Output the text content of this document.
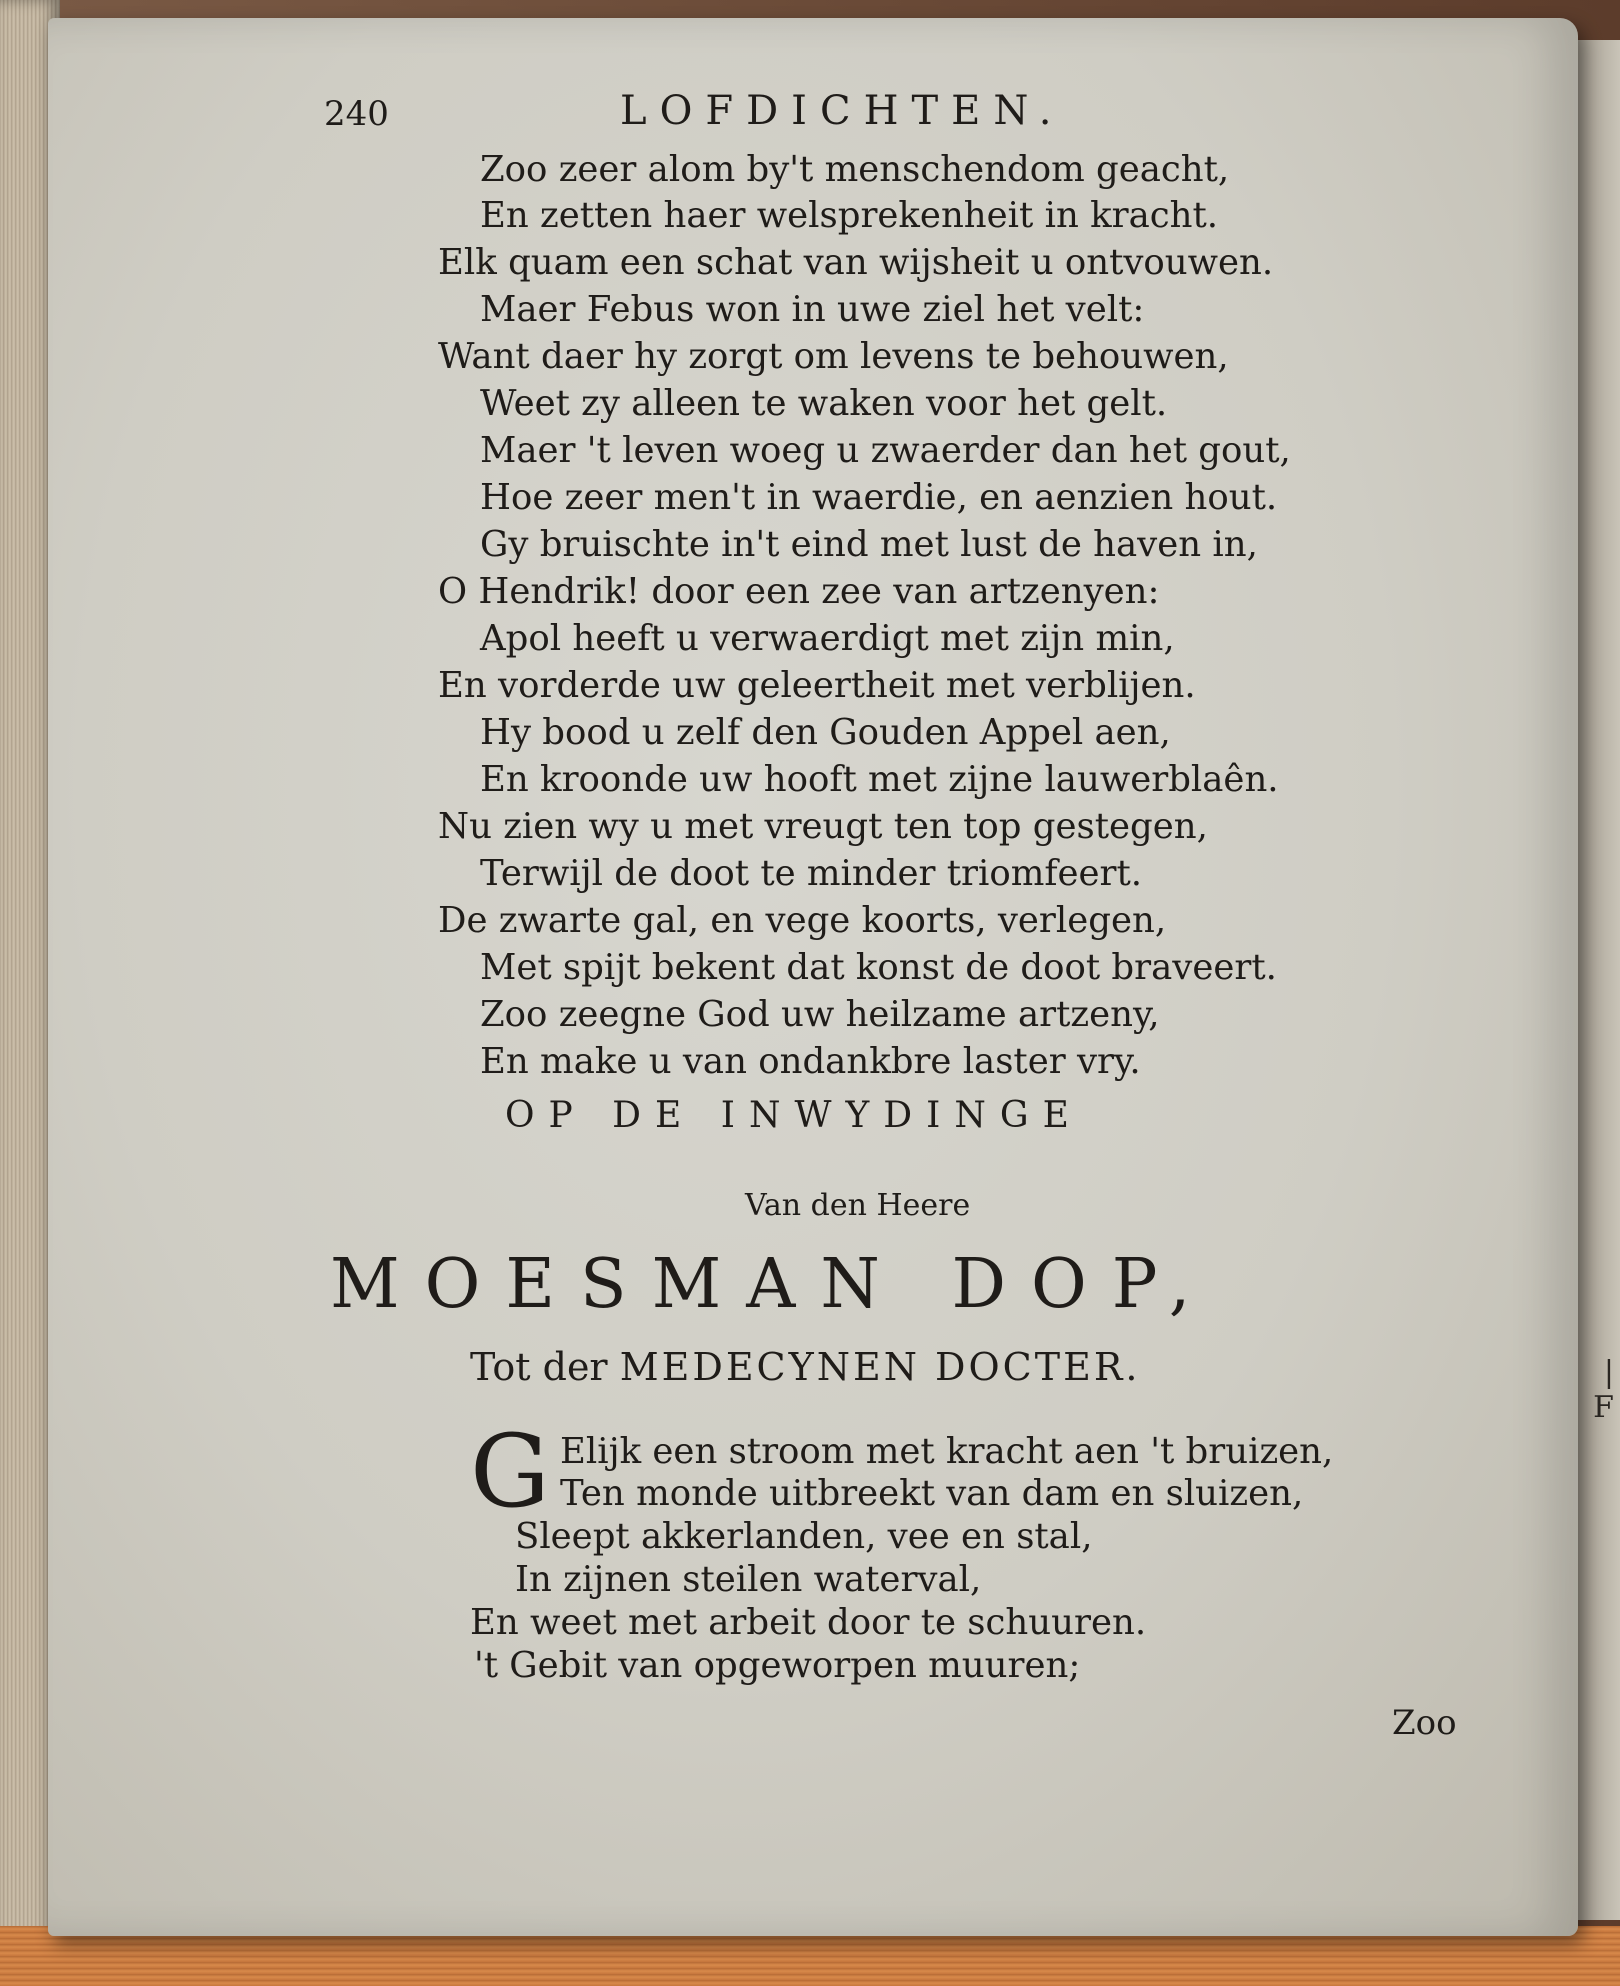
|
F
240	LOFDICHTEN.
Zoo zeer alom by't menschendom geacht,
En zetten haer welsprekenheit in kracht.
Elk quam een schat van wijsheit u ontvouwen.
Maer Febus won in uwe ziel het velt:
Want daer hy zorgt om levens te behouwen,
Weet zy alleen te waken voor het gelt.
Maer 't leven woeg u zwaerder dan het gout,
Hoe zeer men't in waerdie, en aenzien hout.
Gy bruischte in't eind met lust de haven in,
O Hendrik! door een zee van artzenyen:
Apol heeft u verwaerdigt met zijn min,
En vorderde uw geleertheit met verblijen.
Hy bood u zelf den Gouden Appel aen,
En kroonde uw hooft met zijne lauwerblaên.
Nu zien wy u met vreugt ten top gestegen,
Terwijl de doot te minder triomfeert.
De zwarte gal, en vege koorts, verlegen,
Met spijt bekent dat konst de doot braveert.
Zoo zeegne God uw heilzame artzeny,
En make u van ondankbre laster vry.
OP DE INWYDINGE
Van den Heere
MOESMAN DOP,
Tot der MEDECYNEN DOCTER.
G Elijk een stroom met kracht aen 't bruizen,
Ten monde uitbreekt van dam en sluizen,
Sleept akkerlanden, vee en stal,
In zijnen steilen waterval,
En weet met arbeit door te schuuren.
't Gebit van opgeworpen muuren;
Zoo
